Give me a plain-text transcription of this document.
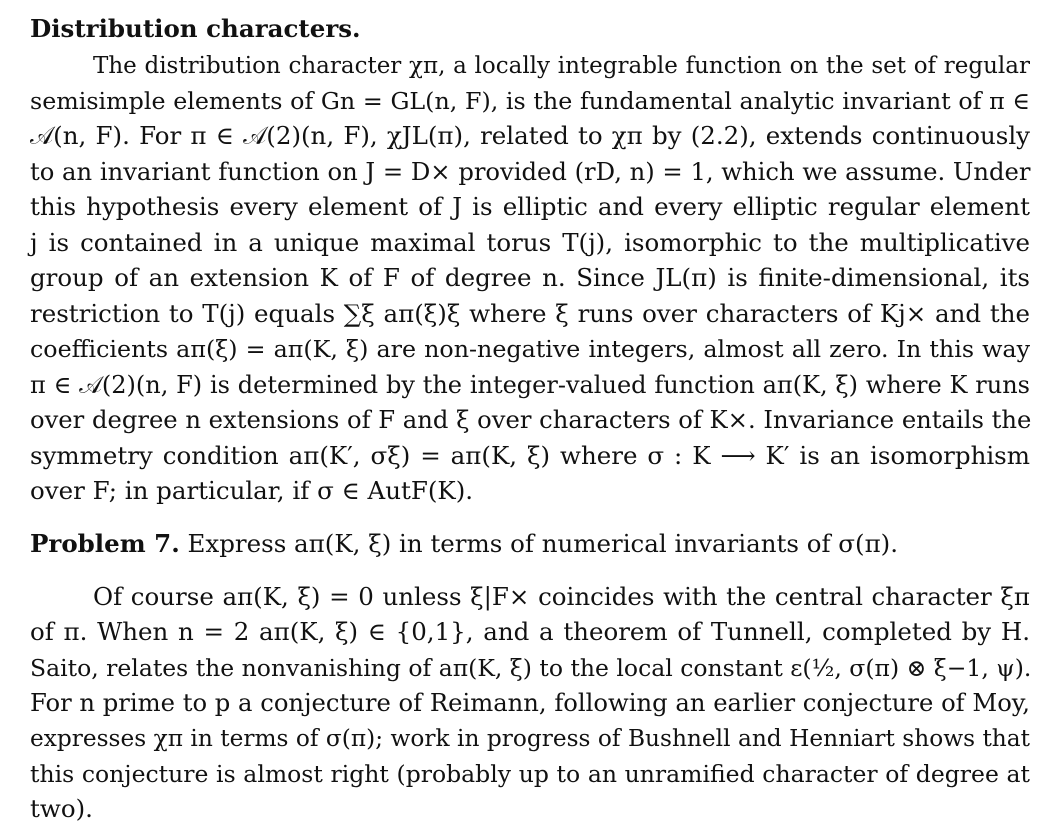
Distribution characters.
The distribution character χπ, a locally integrable function on the set of regular
semisimple elements of Gn = GL(n, F), is the fundamental analytic invariant of π ∈
𝒜(n, F). For π ∈ 𝒜(2)(n, F), χJL(π), related to χπ by (2.2), extends continuously
to an invariant function on J = D× provided (rD, n) = 1, which we assume. Under
this hypothesis every element of J is elliptic and every elliptic regular element
j is contained in a unique maximal torus T(j), isomorphic to the multiplicative
group of an extension K of F of degree n. Since JL(π) is finite-dimensional, its
restriction to T(j) equals ∑ξ aπ(ξ)ξ where ξ runs over characters of Kj× and the
coefficients aπ(ξ) = aπ(K, ξ) are non-negative integers, almost all zero. In this way
π ∈ 𝒜(2)(n, F) is determined by the integer-valued function aπ(K, ξ) where K runs
over degree n extensions of F and ξ over characters of K×. Invariance entails the
symmetry condition aπ(K′, σξ) = aπ(K, ξ) where σ : K ⟶ K′ is an isomorphism
over F; in particular, if σ ∈ AutF(K).
Problem 7. Express aπ(K, ξ) in terms of numerical invariants of σ(π).
Of course aπ(K, ξ) = 0 unless ξ|F× coincides with the central character ξπ
of π. When n = 2 aπ(K, ξ) ∈ {0,1}, and a theorem of Tunnell, completed by H.
Saito, relates the nonvanishing of aπ(K, ξ) to the local constant ε(½, σ(π) ⊗ ξ−1, ψ).
For n prime to p a conjecture of Reimann, following an earlier conjecture of Moy,
expresses χπ in terms of σ(π); work in progress of Bushnell and Henniart shows that
this conjecture is almost right (probably up to an unramified character of degree at
two).
